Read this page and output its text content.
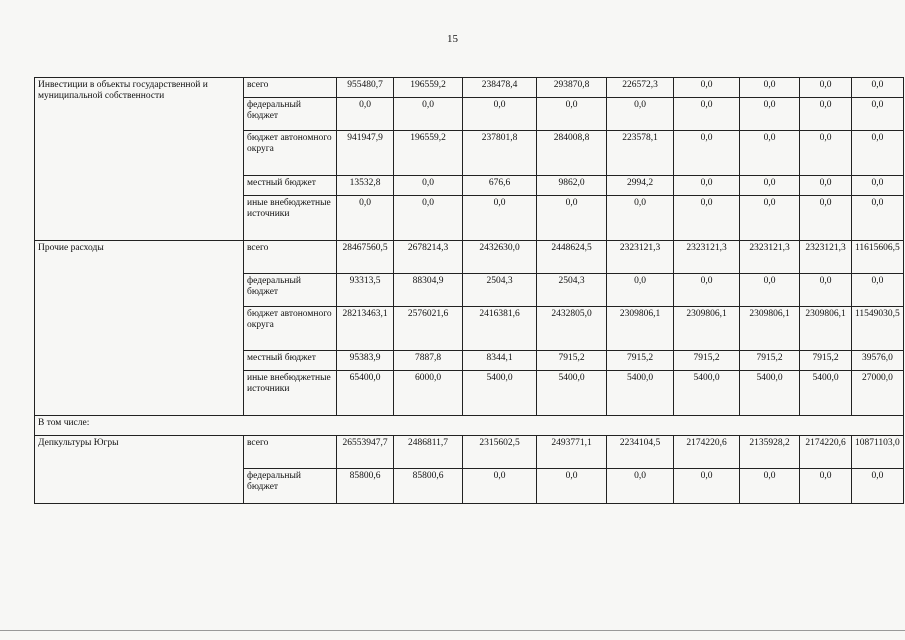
15
Инвестиции в объекты государственной и муниципальной собственности	всего	955480,7	196559,2	238478,4	293870,8	226572,3	0,0	0,0	0,0	0,0
	федеральный бюджет	0,0	0,0	0,0	0,0	0,0	0,0	0,0	0,0	0,0
	бюджет автономного округа	941947,9	196559,2	237801,8	284008,8	223578,1	0,0	0,0	0,0	0,0
	местный бюджет	13532,8	0,0	676,6	9862,0	2994,2	0,0	0,0	0,0	0,0
	иные внебюджетные источники	0,0	0,0	0,0	0,0	0,0	0,0	0,0	0,0	0,0
Прочие расходы	всего	28467560,5	2678214,3	2432630,0	2448624,5	2323121,3	2323121,3	2323121,3	2323121,3	11615606,5
	федеральный бюджет	93313,5	88304,9	2504,3	2504,3	0,0	0,0	0,0	0,0	0,0
	бюджет автономного округа	28213463,1	2576021,6	2416381,6	2432805,0	2309806,1	2309806,1	2309806,1	2309806,1	11549030,5
	местный бюджет	95383,9	7887,8	8344,1	7915,2	7915,2	7915,2	7915,2	7915,2	39576,0
	иные внебюджетные источники	65400,0	6000,0	5400,0	5400,0	5400,0	5400,0	5400,0	5400,0	27000,0
В том числе:										
Депкультуры Югры	всего	26553947,7	2486811,7	2315602,5	2493771,1	2234104,5	2174220,6	2135928,2	2174220,6	10871103,0
	федеральный бюджет	85800,6	85800,6	0,0	0,0	0,0	0,0	0,0	0,0	0,0
